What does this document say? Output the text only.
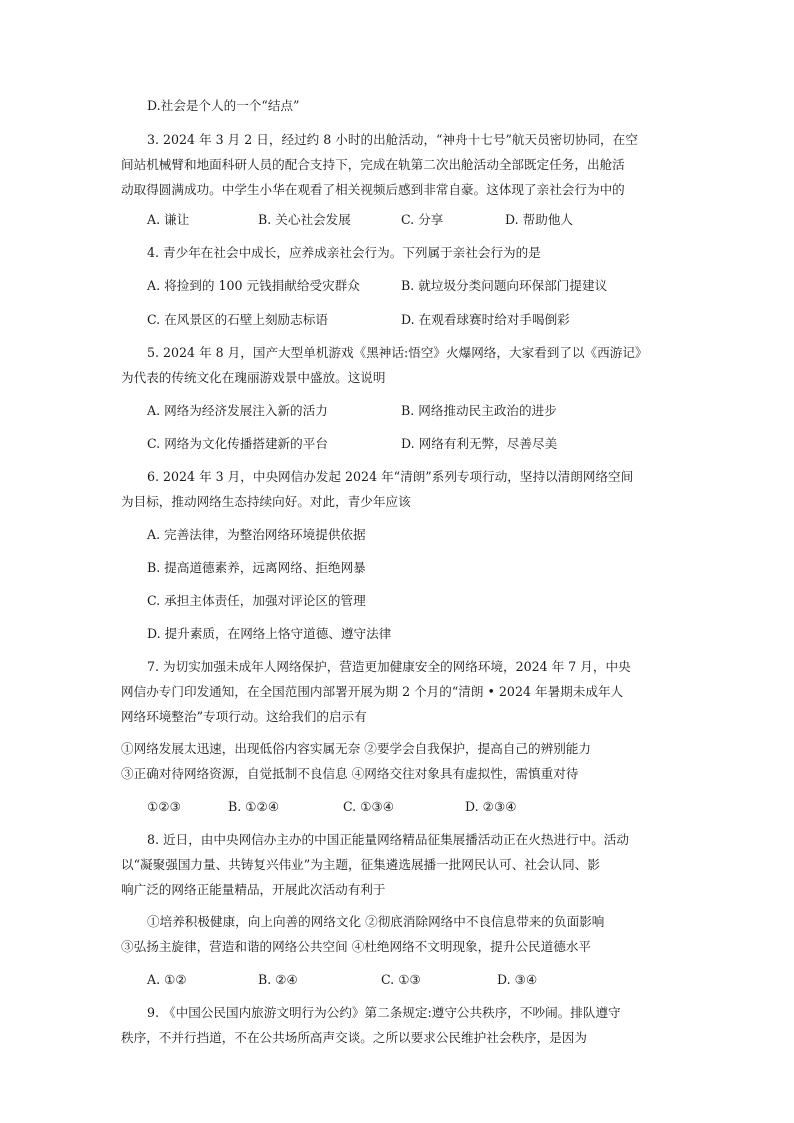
D.社会是个人的一个“结点”
3. 2024 年 3 月 2 日，经过约 8 小时的出舱活动，“神舟十七号”航天员密切协同，在空
间站机械臂和地面科研人员的配合支持下，完成在轨第二次出舱活动全部既定任务，出舱活
动取得圆满成功。中学生小华在观看了相关视频后感到非常自豪。这体现了亲社会行为中的
A. 谦让	B. 关心社会发展	C. 分享	D. 帮助他人
4. 青少年在社会中成长，应养成亲社会行为。下列属于亲社会行为的是
A. 将捡到的 100 元钱捐献给受灾群众	B. 就垃圾分类问题向环保部门提建议
C. 在风景区的石壁上刻励志标语	D. 在观看球赛时给对手喝倒彩
5. 2024 年 8 月，国产大型单机游戏《黑神话:悟空》火爆网络，大家看到了以《西游记》
为代表的传统文化在瑰丽游戏景中盛放。这说明
A. 网络为经济发展注入新的活力	B. 网络推动民主政治的进步
C. 网络为文化传播搭建新的平台	D. 网络有利无弊，尽善尽美
6. 2024 年 3 月，中央网信办发起 2024 年“清朗”系列专项行动，坚持以清朗网络空间
为目标，推动网络生态持续向好。对此，青少年应该
A. 完善法律，为整治网络环境提供依据
B. 提高道德素养，远离网络、拒绝网暴
C. 承担主体责任，加强对评论区的管理
D. 提升素质，在网络上恪守道德、遵守法律
7. 为切实加强未成年人网络保护，营造更加健康安全的网络环境，2024 年 7 月，中央
网信办专门印发通知，在全国范围内部署开展为期 2 个月的“清朗 • 2024 年暑期未成年人
网络环境整治”专项行动。这给我们的启示有
①网络发展太迅速，出现低俗内容实属无奈 ②要学会自我保护，提高自己的辨别能力
③正确对待网络资源，自觉抵制不良信息 ④网络交往对象具有虚拟性，需慎重对待
①②③	B. ①②④	C. ①③④	D. ②③④
8. 近日，由中央网信办主办的中国正能量网络精品征集展播活动正在火热进行中。活动
以“凝聚强国力量、共铸复兴伟业”为主题，征集遴选展播一批网民认可、社会认同、影
响广泛的网络正能量精品，开展此次活动有利于
①培养积极健康，向上向善的网络文化 ②彻底消除网络中不良信息带来的负面影响
③弘扬主旋律，营造和谐的网络公共空间 ④杜绝网络不文明现象，提升公民道德水平
A. ①②	B. ②④	C. ①③	D. ③④
9. 《中国公民国内旅游文明行为公约》第二条规定:遵守公共秩序，不吵闹。排队遵守
秩序，不并行挡道，不在公共场所高声交谈。之所以要求公民维护社会秩序，是因为
